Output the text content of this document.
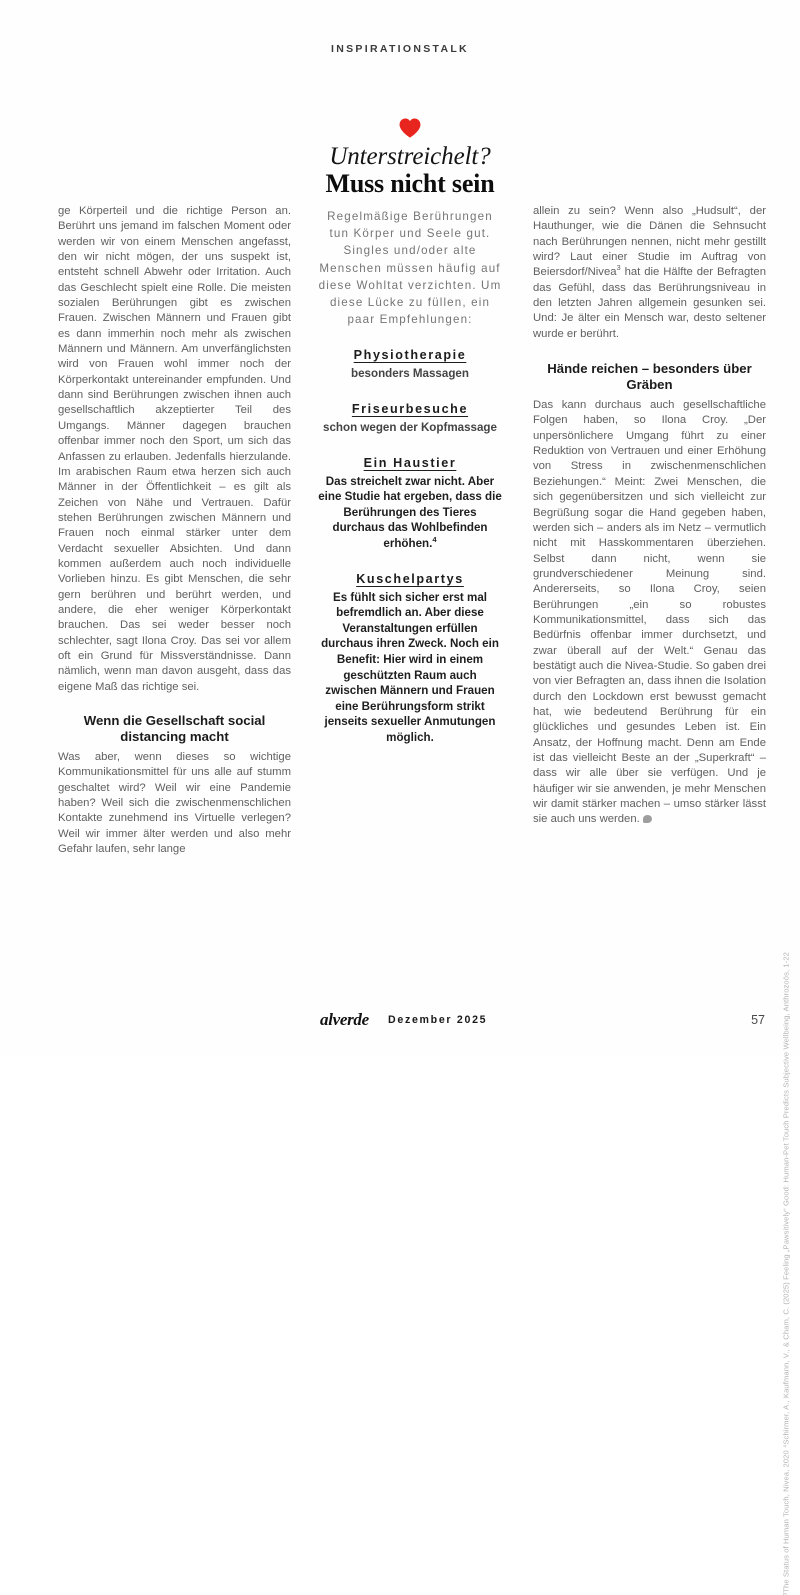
INSPIRATIONSTALK
Unterstreichelt?
Muss nicht sein

ge Körperteil und die richtige Person an. Berührt uns jemand im falschen Moment oder werden wir von einem Menschen angefasst, den wir nicht mögen, der uns suspekt ist, entsteht schnell Abwehr oder Irritation. Auch das Geschlecht spielt eine Rolle. Die meisten sozialen Berührungen gibt es zwischen Frauen. Zwischen Männern und Frauen gibt es dann immerhin noch mehr als zwischen Männern und Männern. Am unverfänglichsten wird von Frauen wohl immer noch der Körperkontakt untereinander empfunden. Und dann sind Berührungen zwischen ihnen auch gesellschaftlich akzeptierter Teil des Umgangs. Männer dagegen brauchen offenbar immer noch den Sport, um sich das Anfassen zu erlauben. Jedenfalls hierzulande. Im arabischen Raum etwa herzen sich auch Männer in der Öffentlichkeit – es gilt als Zeichen von Nähe und Vertrauen. Dafür stehen Berührungen zwischen Männern und Frauen noch einmal stärker unter dem Verdacht sexueller Absichten. Und dann kommen außerdem auch noch individuelle Vorlieben hinzu. Es gibt Menschen, die sehr gern berühren und berührt werden, und andere, die eher weniger Körperkontakt brauchen. Das sei weder besser noch schlechter, sagt Ilona Croy. Das sei vor allem oft ein Grund für Missverständnisse. Dann nämlich, wenn man davon ausgeht, dass das eigene Maß das richtige sei.

Wenn die Gesellschaft social distancing macht

Was aber, wenn dieses so wichtige Kommunikationsmittel für uns alle auf stumm geschaltet wird? Weil wir eine Pandemie haben? Weil sich die zwischenmenschlichen Kontakte zunehmend ins Virtuelle verlegen? Weil wir immer älter werden und also mehr Gefahr laufen, sehr lange

Regelmäßige Berührungen tun Körper und Seele gut. Singles und/oder alte Menschen müssen häufig auf diese Wohltat verzichten. Um diese Lücke zu füllen, ein paar Empfehlungen:

Physiotherapie
besonders Massagen
Friseurbesuche
schon wegen der Kopfmassage
Ein Haustier
Das streichelt zwar nicht. Aber eine Studie hat ergeben, dass die Berührungen des Tieres durchaus das Wohlbefinden erhöhen.$^4$
Kuschelpartys
Es fühlt sich sicher erst mal befremdlich an. Aber diese Veranstaltungen erfüllen durchaus ihren Zweck. Noch ein Benefit: Hier wird in einem geschützten Raum auch zwischen Männern und Frauen eine Berührungsform strikt jenseits sexueller Anmutungen möglich.

allein zu sein? Wenn also „Hudsult“, der Hauthunger, wie die Dänen die Sehnsucht nach Berührungen nennen, nicht mehr gestillt wird? Laut einer Studie im Auftrag von Beiersdorf/Nivea$^3$ hat die Hälfte der Befragten das Gefühl, dass das Berührungsniveau in den letzten Jahren allgemein gesunken sei. Und: Je älter ein Mensch war, desto seltener wurde er berührt.

Hände reichen – besonders über Gräben

Das kann durchaus auch gesellschaftliche Folgen haben, so Ilona Croy. „Der unpersönlichere Umgang führt zu einer Reduktion von Vertrauen und einer Erhöhung von Stress in zwischenmenschlichen Beziehungen.“ Meint: Zwei Menschen, die sich gegenübersitzen und sich vielleicht zur Begrüßung sogar die Hand gegeben haben, werden sich – anders als im Netz – vermutlich nicht mit Hasskommentaren überziehen. Selbst dann nicht, wenn sie grundverschiedener Meinung sind. Andererseits, so Ilona Croy, seien Berührungen „ein so robustes Kommunikationsmittel, dass sich das Bedürfnis offenbar immer durchsetzt, und zwar überall auf der Welt.“ Genau das bestätigt auch die Nivea-Studie. So gaben drei von vier Befragten an, dass ihnen die Isolation durch den Lockdown erst bewusst gemacht hat, wie bedeutend Berührung für ein glückliches und gesundes Leben ist. Ein Ansatz, der Hoffnung macht. Denn am Ende ist das vielleicht Beste an der „Superkraft“ – dass wir alle über sie verfügen. Und je häufiger wir sie anwenden, je mehr Menschen wir damit stärker machen – umso stärker lässt sie auch uns werden.

³The Status of Human Touch, Nivea, 2020 ⁴Schirmer, A., Kaufmann, V., & Cham, C. (2025) Feeling „Pawsitively“ Good: Human-Pet Touch Predicts Subjective Wellbeing, Anthrozoös, 1-22
alverde Dezember 2025	57
